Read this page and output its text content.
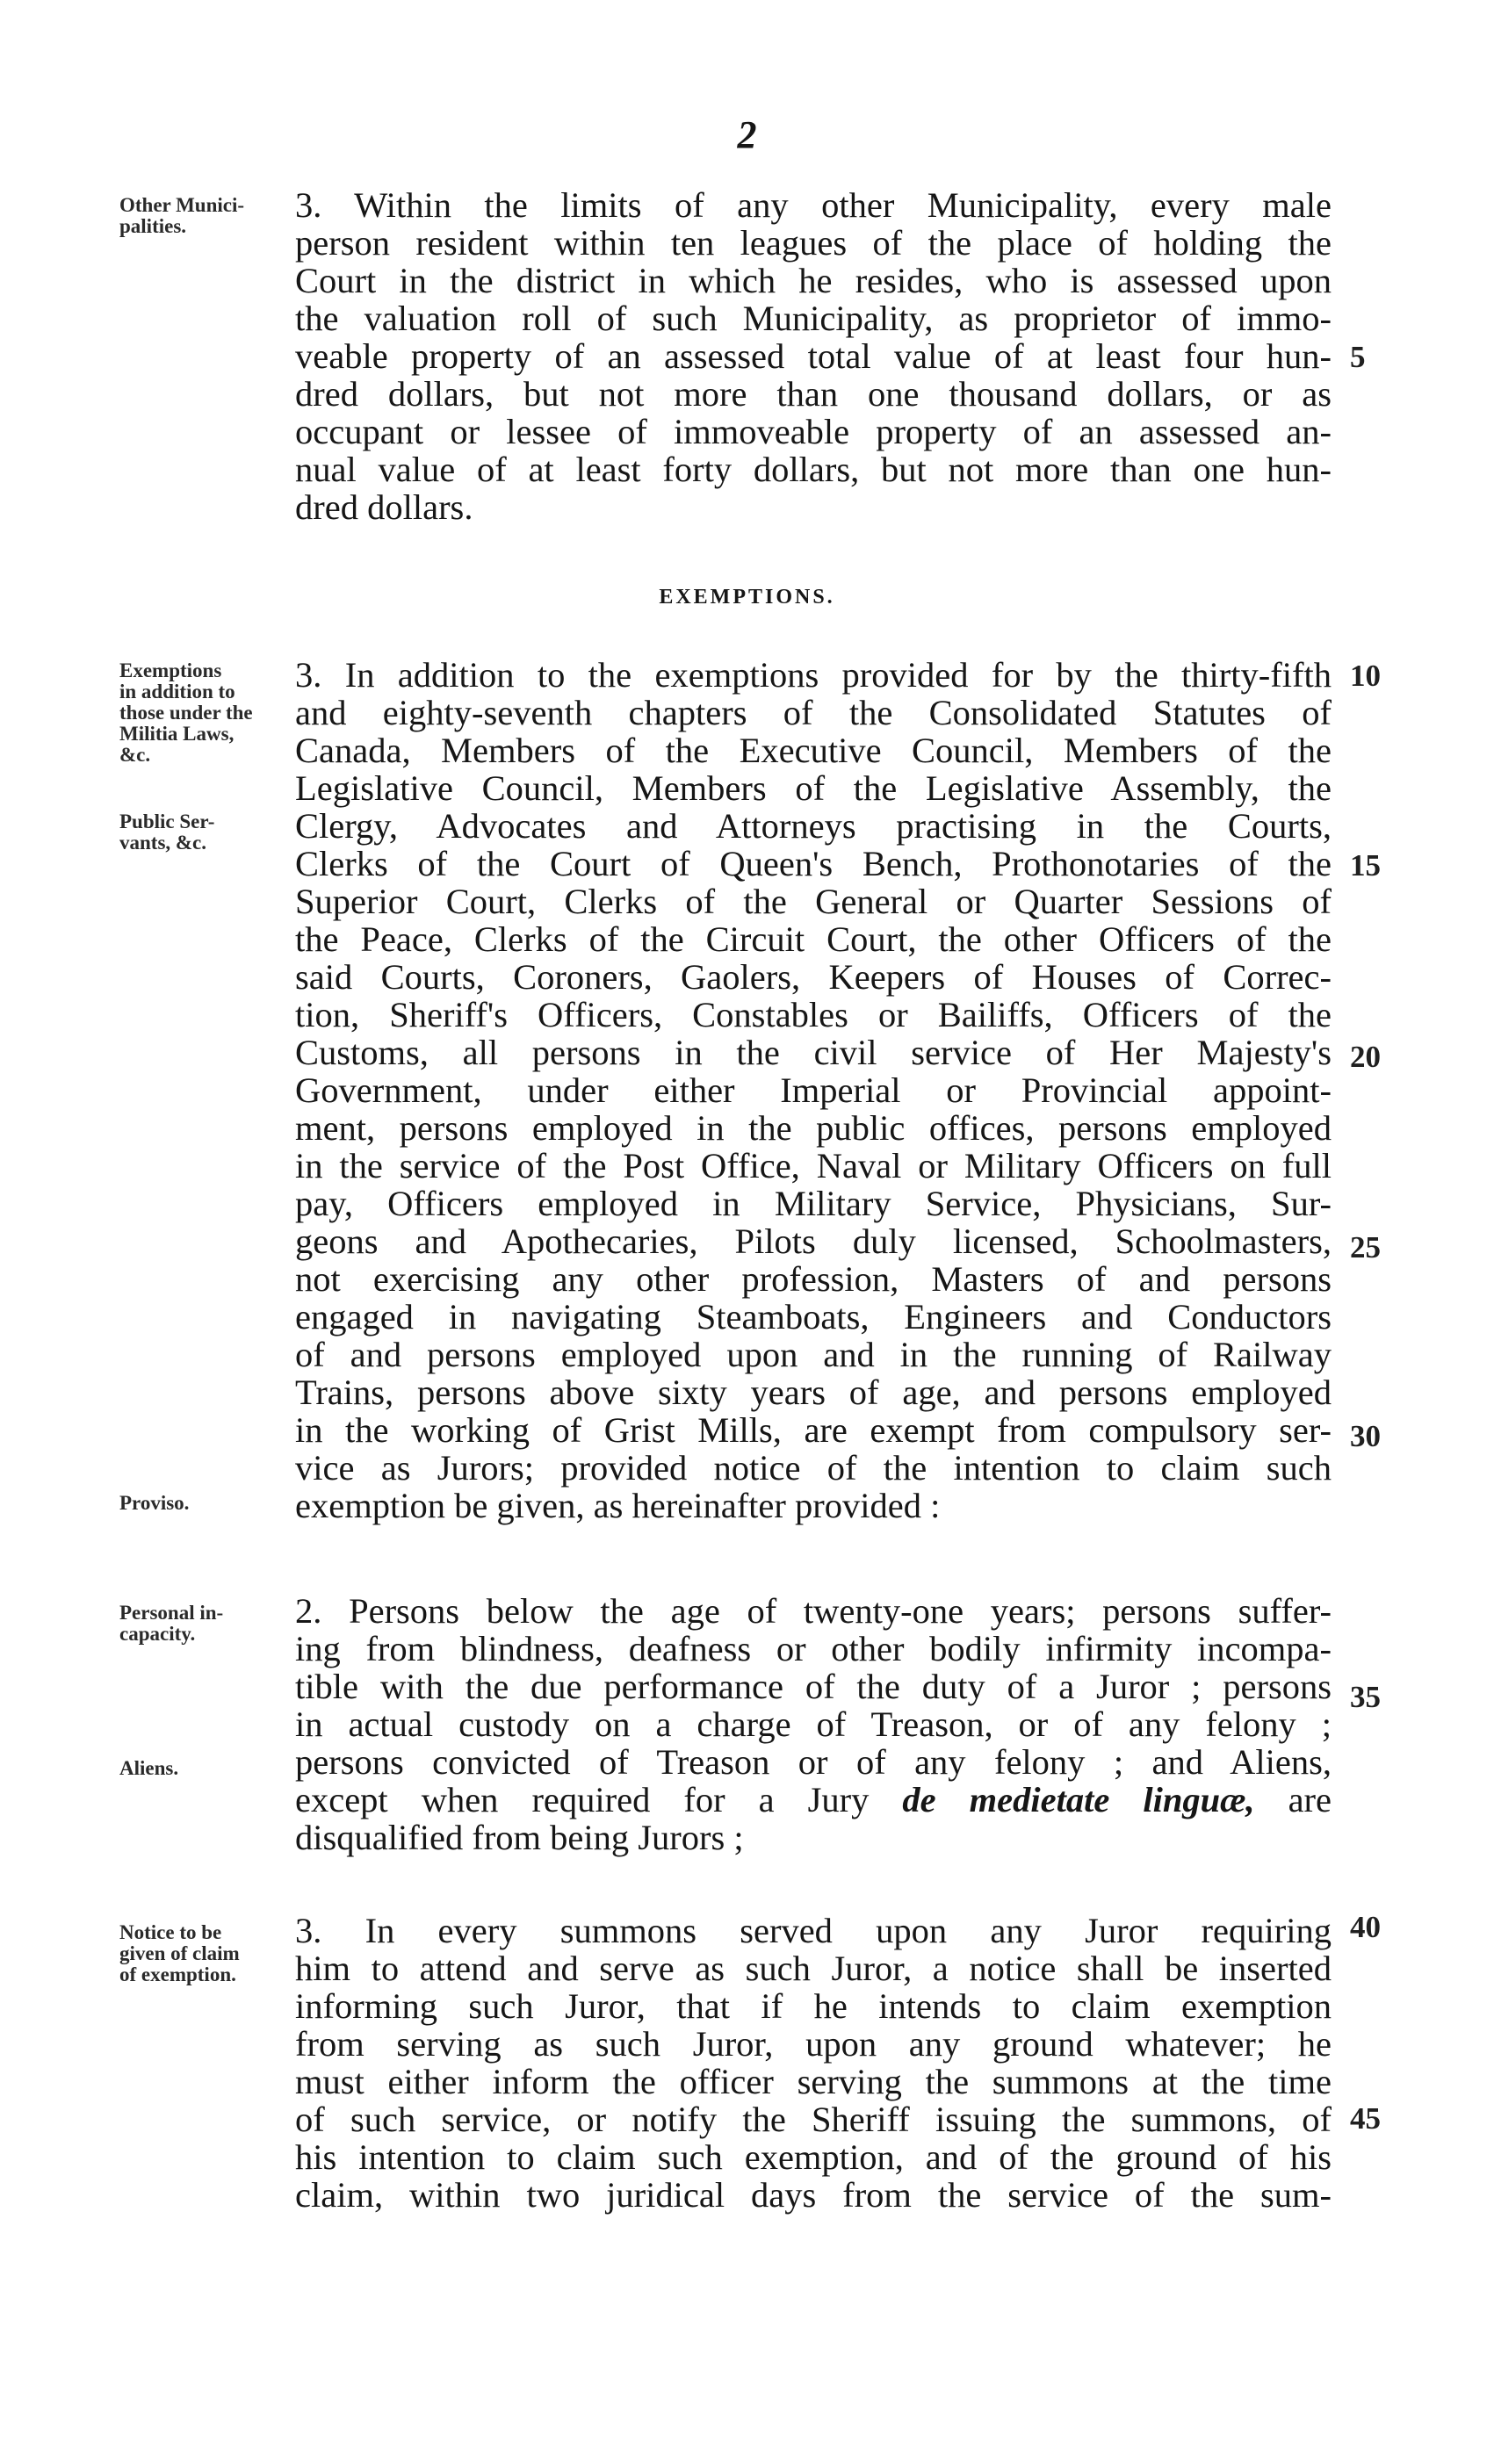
2
3. Within the limits of any other Municipality, every male
person resident within ten leagues of the place of holding the
Court in the district in which he resides, who is assessed upon
the valuation roll of such Municipality, as proprietor of immo-
veable property of an assessed total value of at least four hun-
dred dollars, but not more than one thousand dollars, or as
occupant or lessee of immoveable property of an assessed an-
nual value of at least forty dollars, but not more than one hun-
dred dollars.
EXEMPTIONS.
3. In addition to the exemptions provided for by the thirty-fifth
and eighty-seventh chapters of the Consolidated Statutes of
Canada, Members of the Executive Council, Members of the
Legislative Council, Members of the Legislative Assembly, the
Clergy, Advocates and Attorneys practising in the Courts,
Clerks of the Court of Queen's Bench, Prothonotaries of the
Superior Court, Clerks of the General or Quarter Sessions of
the Peace, Clerks of the Circuit Court, the other Officers of the
said Courts, Coroners, Gaolers, Keepers of Houses of Correc-
tion, Sheriff's Officers, Constables or Bailiffs, Officers of the
Customs, all persons in the civil service of Her Majesty's
Government, under either Imperial or Provincial appoint-
ment, persons employed in the public offices, persons employed
in the service of the Post Office, Naval or Military Officers on full
pay, Officers employed in Military Service, Physicians, Sur-
geons and Apothecaries, Pilots duly licensed, Schoolmasters,
not exercising any other profession, Masters of and persons
engaged in navigating Steamboats, Engineers and Conductors
of and persons employed upon and in the running of Railway
Trains, persons above sixty years of age, and persons employed
in the working of Grist Mills, are exempt from compulsory ser-
vice as Jurors; provided notice of the intention to claim such
exemption be given, as hereinafter provided :
2. Persons below the age of twenty-one years; persons suffer-
ing from blindness, deafness or other bodily infirmity incompa-
tible with the due performance of the duty of a Juror ; persons
in actual custody on a charge of Treason, or of any felony ;
persons convicted of Treason or of any felony ; and Aliens,
except when required for a Jury de medietate linguæ, are
disqualified from being Jurors ;
3. In every summons served upon any Juror requiring
him to attend and serve as such Juror, a notice shall be inserted
informing such Juror, that if he intends to claim exemption
from serving as such Juror, upon any ground whatever; he
must either inform the officer serving the summons at the time
of such service, or notify the Sheriff issuing the summons, of
his intention to claim such exemption, and of the ground of his
claim, within two juridical days from the service of the sum-
Other Munici-
palities.
Exemptions
in addition to
those under the
Militia Laws,
&c.
Public Ser-
vants, &c.
Proviso.
Personal in-
capacity.
Aliens.
Notice to be
given of claim
of exemption.
5
10
15
20
25
30
35
40
45
